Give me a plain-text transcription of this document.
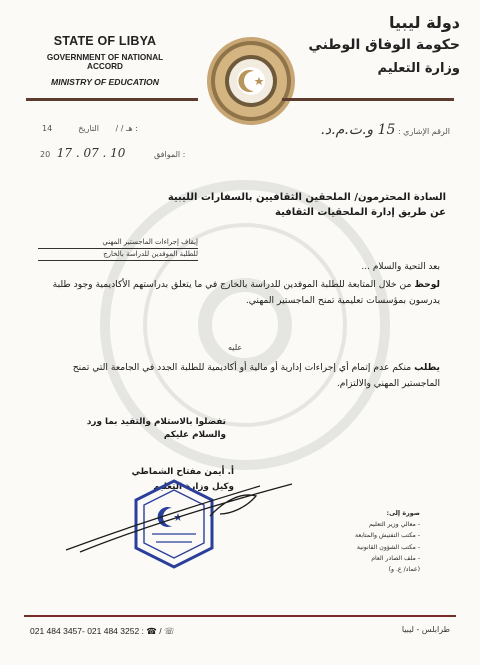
STATE OF LIBYA
GOVERNMENT OF NATIONAL ACCORD
MINISTRY OF EDUCATION
دولة ليبيا
حكومة الوفاق الوطني
وزارة التعليم
الرقم الإشاري : 15 و.ت.م.د.
14هـ / / التاريخ :
20 17 . 07 . 10	الموافق :
السادة المحترمون/ الملحقين الثقافيين بالسفارات الليبية
عن طريق إدارة الملحقيات الثقافية
إيقاف إجراءات الماجستير المهني
للطلبة الموفدين للدراسة بالخارج
بعد التحية والسلام ...
لوحظ من خلال المتابعة للطلبة الموفدين للدراسة بالخارج في ما يتعلق بدراستهم الأكاديمية وجود طلبة يدرسون بمؤسسات تعليمية تمنح الماجستير المهني.
عليه
يطلب منكم عدم إتمام أي إجراءات إدارية أو مالية أو أكاديمية للطلبة الجدد في الجامعة التي تمنح الماجستير المهني والالتزام.
تفضلوا بالاستلام والتقيد بما ورد
والسلام عليكم
أ. أيمن مفتاح الشماطي
وكيل وزارة التعليم
صورة إلى:
- معالي وزير التعليم
- مكتب التفتيش والمتابعة
- مكتب الشؤون القانونية
- ملف الصادر العام
(عماد/ ع. و)
021 484 3457- 021 484 3252 : ☎ / ☏	طرابلس - ليبيا
